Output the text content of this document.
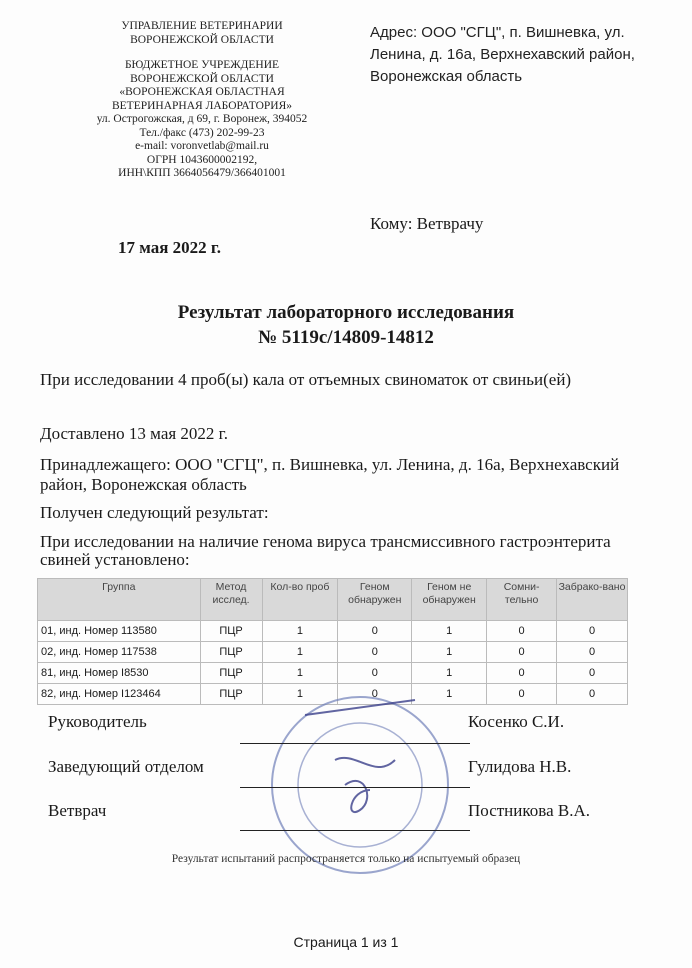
УПРАВЛЕНИЕ ВЕТЕРИНАРИИ
ВОРОНЕЖСКОЙ ОБЛАСТИ
БЮДЖЕТНОЕ УЧРЕЖДЕНИЕ
ВОРОНЕЖСКОЙ ОБЛАСТИ
«ВОРОНЕЖСКАЯ ОБЛАСТНАЯ
ВЕТЕРИНАРНАЯ ЛАБОРАТОРИЯ»
ул. Острогожская, д 69, г. Воронеж, 394052
Тел./факс (473) 202-99-23
e-mail: voronvetlab@mail.ru
ОГРН 1043600002192,
ИНН\КПП 3664056479/366401001
Адрес: ООО "СГЦ", п. Вишневка, ул. Ленина, д. 16а, Верхнехавский район, Воронежская область
Кому: Ветврачу
17 мая 2022 г.
Результат лабораторного исследования
№ 5119с/14809-14812
При исследовании 4 проб(ы) кала от отъемных свиноматок от свиньи(ей)
Доставлено 13 мая 2022 г.
Принадлежащего: ООО "СГЦ", п. Вишневка, ул. Ленина, д. 16а, Верхнехавский район, Воронежская область
Получен следующий результат:
При исследовании на наличие генома вируса трансмиссивного гастроэнтерита свиней установлено:
Группа	Метод исслед.	Кол-во проб	Геном обнаружен	Геном не обнаружен	Сомни-тельно	Забрако-вано
01, инд. Номер 113580	ПЦР	1	0	1	0	0
02, инд. Номер 117538	ПЦР	1	0	1	0	0
81, инд. Номер I8530	ПЦР	1	0	1	0	0
82, инд. Номер I123464	ПЦР	1	0	1	0	0
Руководитель	Косенко С.И.
Заведующий отделом	Гулидова Н.В.
Ветврач	Постникова В.А.
Результат испытаний распространяется только на испытуемый образец
Страница 1 из 1
